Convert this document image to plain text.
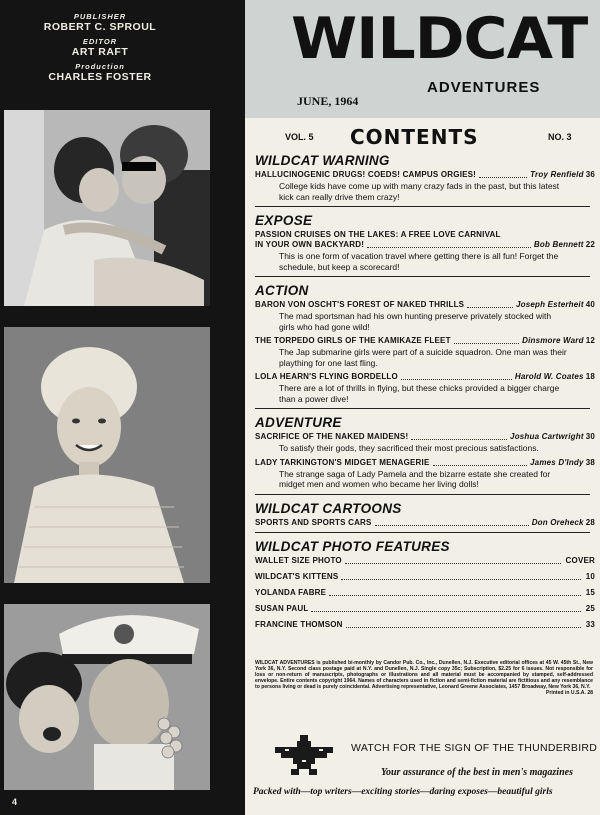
PUBLISHER
ROBERT C. SPROUL
EDITOR
ART RAFT
Production
CHARLES FOSTER
4
WILDCAT
ADVENTURES
JUNE, 1964
VOL. 5 CONTENTS	NO. 3
WILDCAT WARNING
HALLUCINOGENIC DRUGS! COEDS! CAMPUS ORGIES!	Troy Renfield 36
College kids have come up with many crazy fads in the past, but this latest kick can really drive them crazy!
EXPOSE
PASSION CRUISES ON THE LAKES: A FREE LOVE CARNIVAL
IN YOUR OWN BACKYARD!	Bob Bennett 22
This is one form of vacation travel where getting there is all fun! Forget the schedule, but keep a scorecard!
ACTION
BARON VON OSCHT'S FOREST OF NAKED THRILLS	Joseph Esterheit 40
The mad sportsman had his own hunting preserve privately stocked with girls who had gone wild!
THE TORPEDO GIRLS OF THE KAMIKAZE FLEET	Dinsmore Ward 12
The Jap submarine girls were part of a suicide squadron. One man was their plaything for one last fling.
LOLA HEARN'S FLYING BORDELLO	Harold W. Coates 18
There are a lot of thrills in flying, but these chicks provided a bigger charge than a power dive!
ADVENTURE
SACRIFICE OF THE NAKED MAIDENS!	Joshua Cartwright 30
To satisfy their gods, they sacrificed their most precious satisfactions.
LADY TARKINGTON'S MIDGET MENAGERIE	James D'Indy 38
The strange saga of Lady Pamela and the bizarre estate she created for midget men and women who became her living dolls!
WILDCAT CARTOONS
SPORTS AND SPORTS CARS	Don Oreheck 28
WILDCAT PHOTO FEATURES
WALLET SIZE PHOTO	COVER
WILDCAT'S KITTENS	10
YOLANDA FABRE	15
SUSAN PAUL	25
FRANCINE THOMSON	33
WILDCAT ADVENTURES is published bi-monthly by Candor Pub. Co., Inc., Dunellen, N.J. Executive editorial offices at 45 W. 45th St., New York 36, N.Y. Second class postage paid at N.Y. and Dunellen, N.J. Single copy 35c; Subscription, $2.25 for 6 issues. Not responsible for loss or non-return of manuscripts, photographs or illustrations and all material must be accompanied by stamped, self-addressed envelope. Entire contents copyright 1964. Names of characters used in fiction and semi-fiction material are fictitious and any resemblance to persons living or dead is purely coincidental. Advertising representative, Leonard Greene Associates, 1457 Broadway, New York 36, N.Y.
Printed in U.S.A. 28
WATCH FOR THE SIGN OF THE THUNDERBIRD
Your assurance of the best in men's magazines
Packed with—top writers—exciting stories—daring exposes—beautiful girls
